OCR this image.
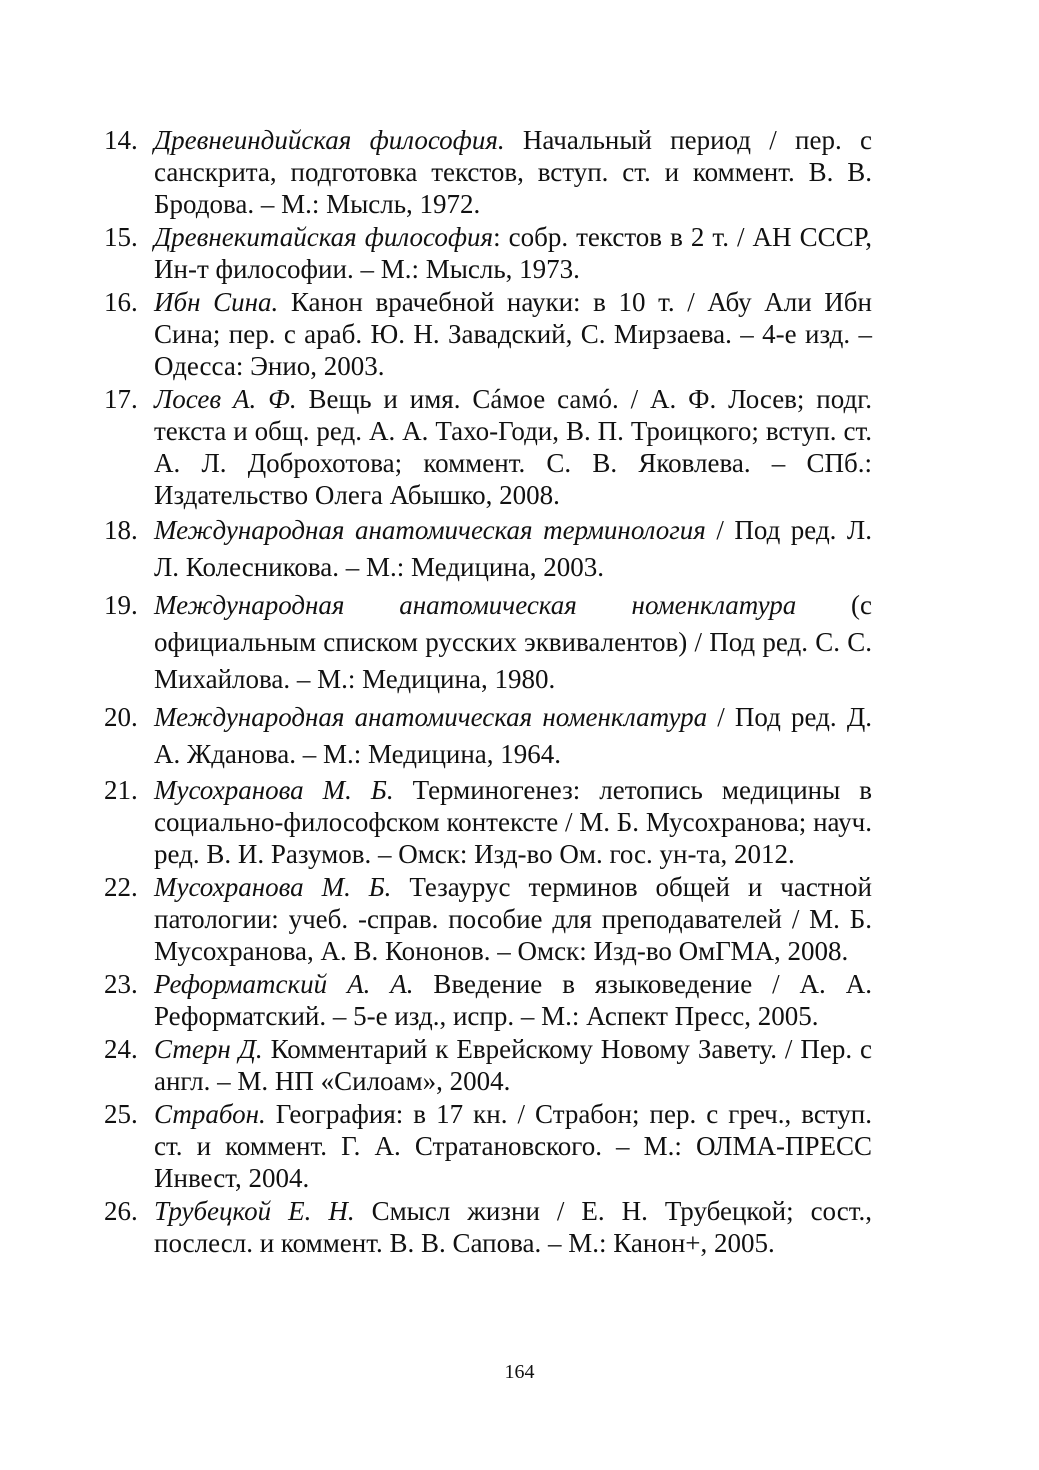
14. Древнеиндийская философия. Начальный период / пер. с санскрита, подготовка текстов, вступ. ст. и коммент. В. В. Бродова. – М.: Мысль, 1972.
15. Древнекитайская философия: собр. текстов в 2 т. / АН СССР, Ин-т философии. – М.: Мысль, 1973.
16. Ибн Сина. Канон врачебной науки: в 10 т. / Абу Али Ибн Сина; пер. с араб. Ю. Н. Завадский, С. Мирзаева. – 4-е изд. – Одесса: Энио, 2003.
17. Лосев А. Ф. Вещь и имя. Сáмое самó. / А. Ф. Лосев; подг. текста и общ. ред. А. А. Тахо-Годи, В. П. Троицкого; вступ. ст. А. Л. Доброхотова; коммент. С. В. Яковлева. – СПб.: Издательство Олега Абышко, 2008.
18. Международная анатомическая терминология / Под ред. Л. Л. Колесникова. – М.: Медицина, 2003.
19. Международная анатомическая номенклатура (с официальным списком русских эквивалентов) / Под ред. С. С. Михайлова. – М.: Медицина, 1980.
20. Международная анатомическая номенклатура / Под ред. Д. А. Жданова. – М.: Медицина, 1964.
21. Мусохранова М. Б. Терминогенез: летопись медицины в социально-философском контексте / М. Б. Мусохранова; науч. ред. В. И. Разумов. – Омск: Изд-во Ом. гос. ун-та, 2012.
22. Мусохранова М. Б. Тезаурус терминов общей и частной патологии: учеб. -справ. пособие для преподавателей / М. Б. Мусохранова, А. В. Кононов. – Омск: Изд-во ОмГМА, 2008.
23. Реформатский А. А. Введение в языковедение / А. А. Реформатский. – 5-е изд., испр. – М.: Аспект Пресс, 2005.
24. Стерн Д. Комментарий к Еврейскому Новому Завету. / Пер. с англ. – М. НП «Силоам», 2004.
25. Страбон. География: в 17 кн. / Страбон; пер. с греч., вступ. ст. и коммент. Г. А. Стратановского. – М.: ОЛМА-ПРЕСС Инвест, 2004.
26. Трубецкой Е. Н. Смысл жизни / Е. Н. Трубецкой; сост., послесл. и коммент. В. В. Сапова. – М.: Канон+, 2005.
164
